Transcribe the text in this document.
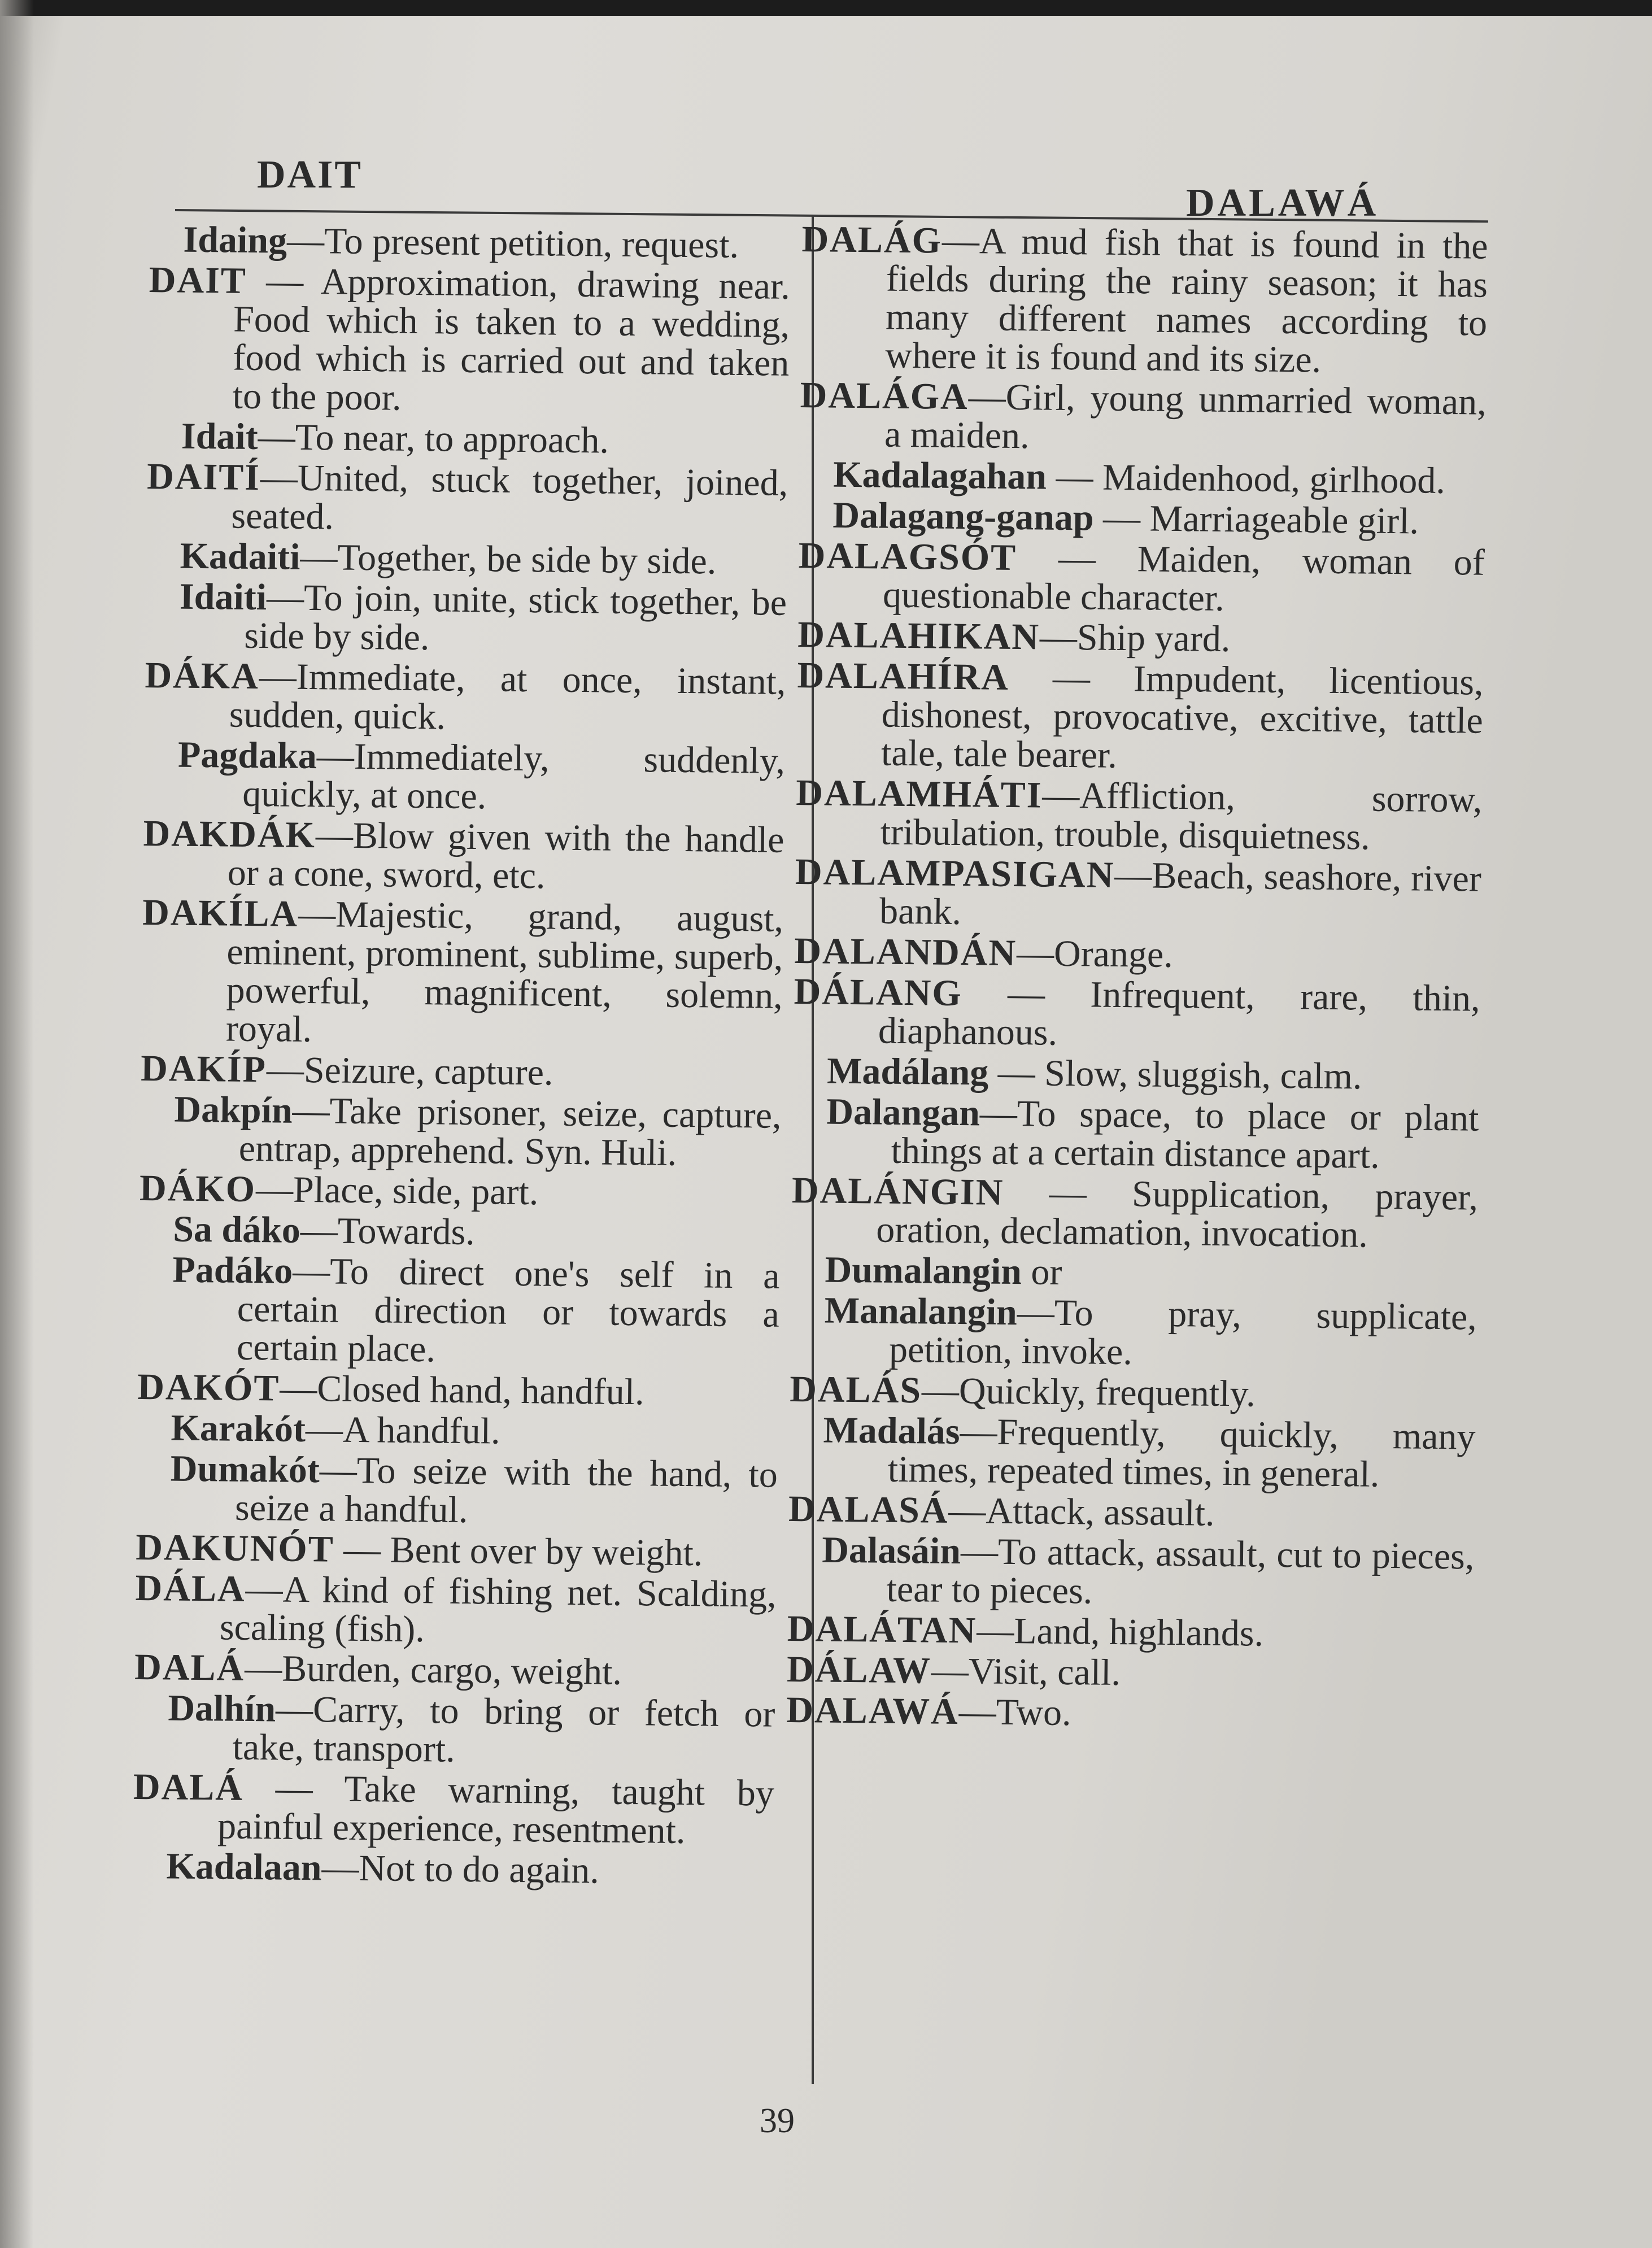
DAIT
DALAWÁ
Idaing—To present petition, request.
DAIT — Approximation, drawing near. Food which is taken to a wedding, food which is carried out and taken to the poor.
Idait—To near, to approach.
DAITÍ—United, stuck together, joined, seated.
Kadaiti—Together, be side by side.
Idaiti—To join, unite, stick together, be side by side.
DÁKA—Immediate, at once, instant, sudden, quick.
Pagdaka—Immediately, suddenly, quickly, at once.
DAKDÁK—Blow given with the handle or a cone, sword, etc.
DAKÍLA—Majestic, grand, august, eminent, prominent, sublime, superb, powerful, magnificent, solemn, royal.
DAKÍP—Seizure, capture.
Dakpín—Take prisoner, seize, capture, entrap, apprehend. Syn. Huli.
DÁKO—Place, side, part.
Sa dáko—Towards.
Padáko—To direct one's self in a certain direction or towards a certain place.
DAKÓT—Closed hand, handful.
Karakót—A handful.
Dumakót—To seize with the hand, to seize a handful.
DAKUNÓT — Bent over by weight.
DÁLA—A kind of fishing net. Scalding, scaling (fish).
DALÁ—Burden, cargo, weight.
Dalhín—Carry, to bring or fetch or take, transport.
DALÁ — Take warning, taught by painful experience, resentment.
Kadalaan—Not to do again.
DALÁG—A mud fish that is found in the fields during the rainy season; it has many different names according to where it is found and its size.
DALÁGA—Girl, young unmarried woman, a maiden.
Kadalagahan — Maidenhood, girlhood.
Dalagang-ganap — Marriageable girl.
DALAGSÓT — Maiden, woman of questionable character.
DALAHIKAN—Ship yard.
DALAHÍRA — Impudent, licentious, dishonest, provocative, excitive, tattle tale, tale bearer.
DALAMHÁTI—Affliction, sorrow, tribulation, trouble, disquietness.
DALAMPASIGAN—Beach, seashore, river bank.
DALANDÁN—Orange.
DÁLANG — Infrequent, rare, thin, diaphanous.
Madálang — Slow, sluggish, calm.
Dalangan—To space, to place or plant things at a certain distance apart.
DALÁNGIN — Supplication, prayer, oration, declamation, invocation.
Dumalangin or
Manalangin—To pray, supplicate, petition, invoke.
DALÁS—Quickly, frequently.
Madalás—Frequently, quickly, many times, repeated times, in general.
DALASÁ—Attack, assault.
Dalasáin—To attack, assault, cut to pieces, tear to pieces.
DALÁTAN—Land, highlands.
DÁLAW—Visit, call.
DALAWÁ—Two.
39
